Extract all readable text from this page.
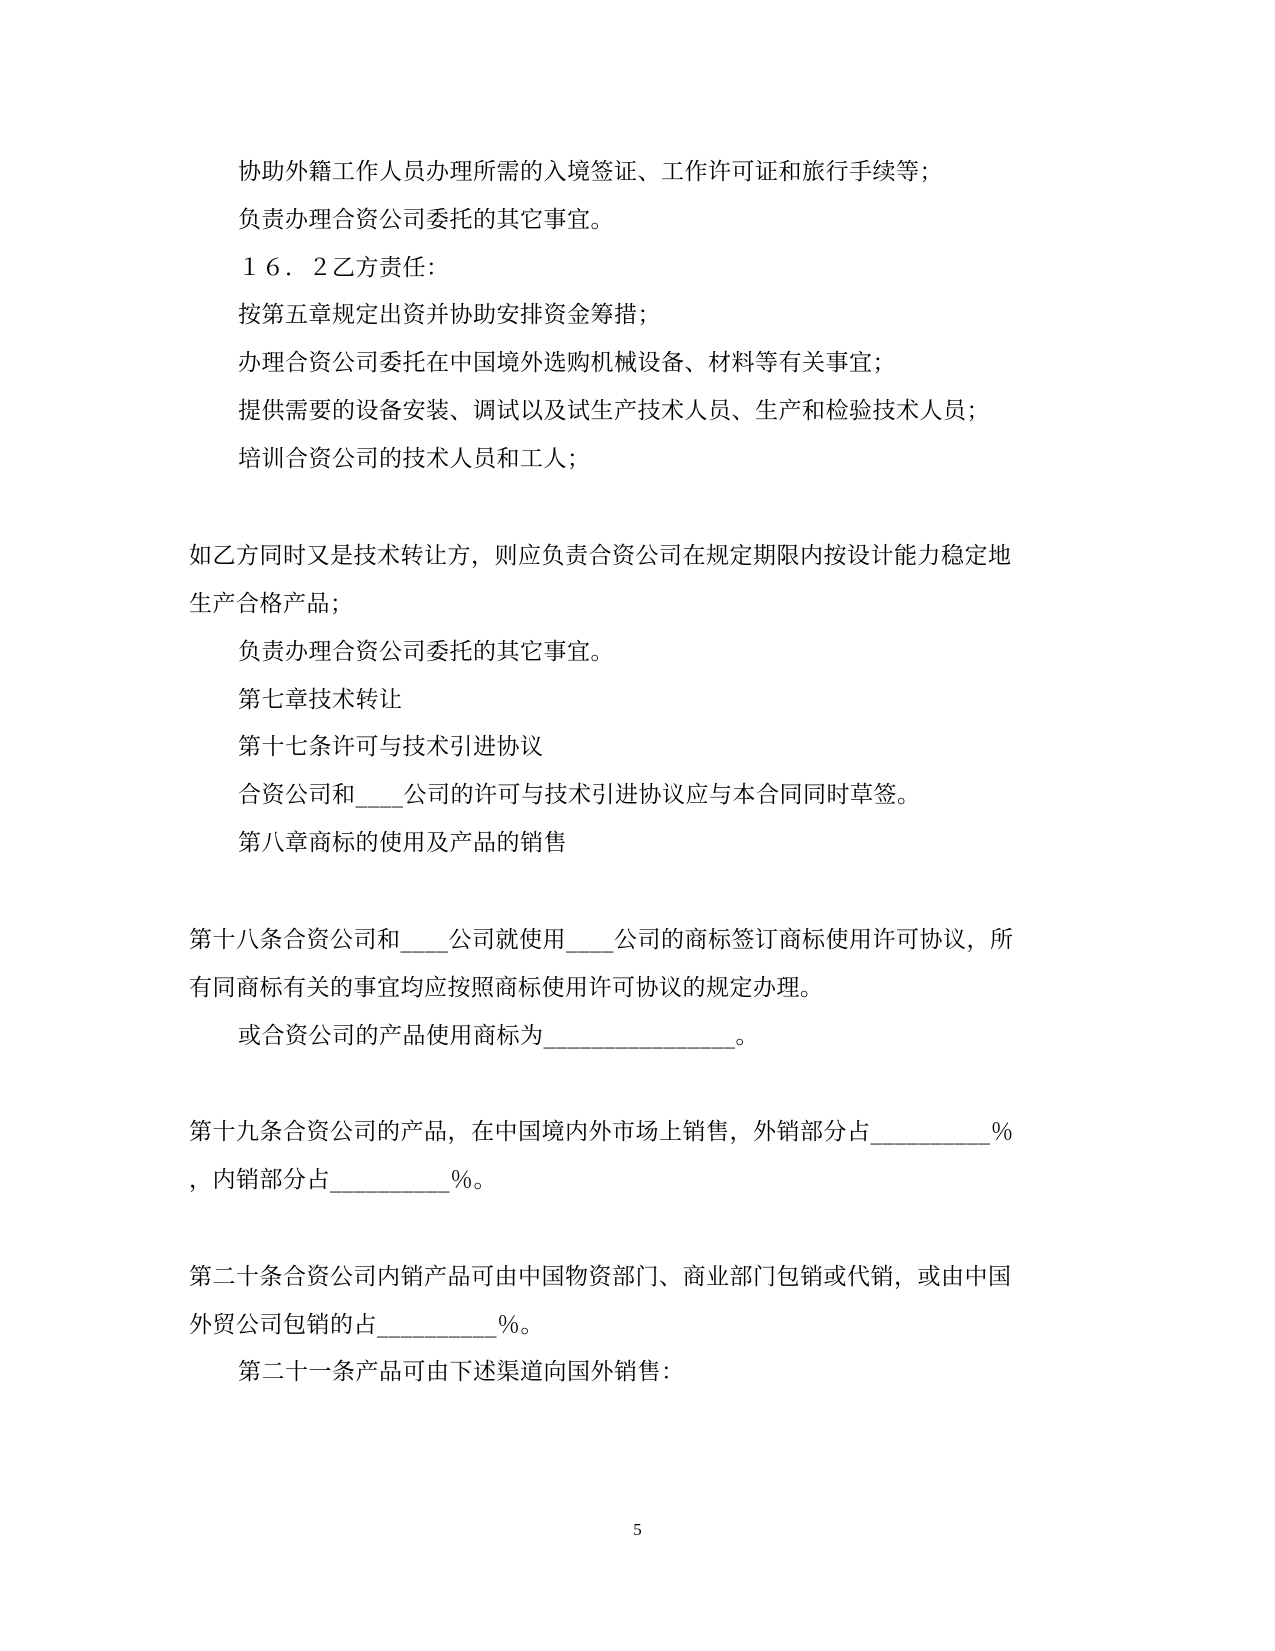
协助外籍工作人员办理所需的入境签证、工作许可证和旅行手续等；
负责办理合资公司委托的其它事宜。
１６．２乙方责任：
按第五章规定出资并协助安排资金筹措；
办理合资公司委托在中国境外选购机械设备、材料等有关事宜；
提供需要的设备安装、调试以及试生产技术人员、生产和检验技术人员；
培训合资公司的技术人员和工人；
如乙方同时又是技术转让方，则应负责合资公司在规定期限内按设计能力稳定地
生产合格产品；
负责办理合资公司委托的其它事宜。
第七章技术转让
第十七条许可与技术引进协议
合资公司和____公司的许可与技术引进协议应与本合同同时草签。
第八章商标的使用及产品的销售
第十八条合资公司和____公司就使用____公司的商标签订商标使用许可协议，所
有同商标有关的事宜均应按照商标使用许可协议的规定办理。
或合资公司的产品使用商标为________________。
第十九条合资公司的产品，在中国境内外市场上销售，外销部分占__________％
，内销部分占__________％。
第二十条合资公司内销产品可由中国物资部门、商业部门包销或代销，或由中国
外贸公司包销的占__________％。
第二十一条产品可由下述渠道向国外销售：
5
